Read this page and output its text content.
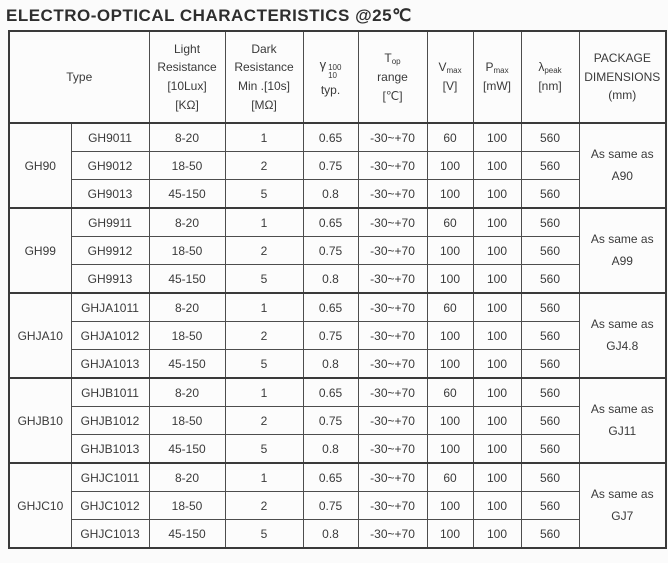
ELECTRO-OPTICAL CHARACTERISTICS @25℃
Type		Light
Resistance
[10Lux]
[KΩ]	Dark
Resistance
Min .[10s]
[MΩ]	γ 100
10
typ.	$T_{op}$
range
[℃]	$V_{max}$
[V]	$P_{max}$
[mW]	$\lambda_{peak}$
[nm]	PACKAGE
DIMENSIONS
(mm)

GH90	GH9011	8-20	1	0.65	-30~+70	60	100	560	As same as
A90

	GH9012	18-50	2	0.75	-30~+70	100	100	560	
	GH9013	45-150	5	0.8	-30~+70	100	100	560	
GH99	GH9911	8-20	1	0.65	-30~+70	60	100	560	As same as
A99

	GH9912	18-50	2	0.75	-30~+70	100	100	560	
	GH9913	45-150	5	0.8	-30~+70	100	100	560	
GHJA10	GHJA1011	8-20	1	0.65	-30~+70	60	100	560	As same as
GJ4.8

	GHJA1012	18-50	2	0.75	-30~+70	100	100	560	
	GHJA1013	45-150	5	0.8	-30~+70	100	100	560	
GHJB10	GHJB1011	8-20	1	0.65	-30~+70	60	100	560	As same as
GJ11

	GHJB1012	18-50	2	0.75	-30~+70	100	100	560	
	GHJB1013	45-150	5	0.8	-30~+70	100	100	560	
GHJC10	GHJC1011	8-20	1	0.65	-30~+70	60	100	560	As same as
GJ7

	GHJC1012	18-50	2	0.75	-30~+70	100	100	560	
	GHJC1013	45-150	5	0.8	-30~+70	100	100	560	
